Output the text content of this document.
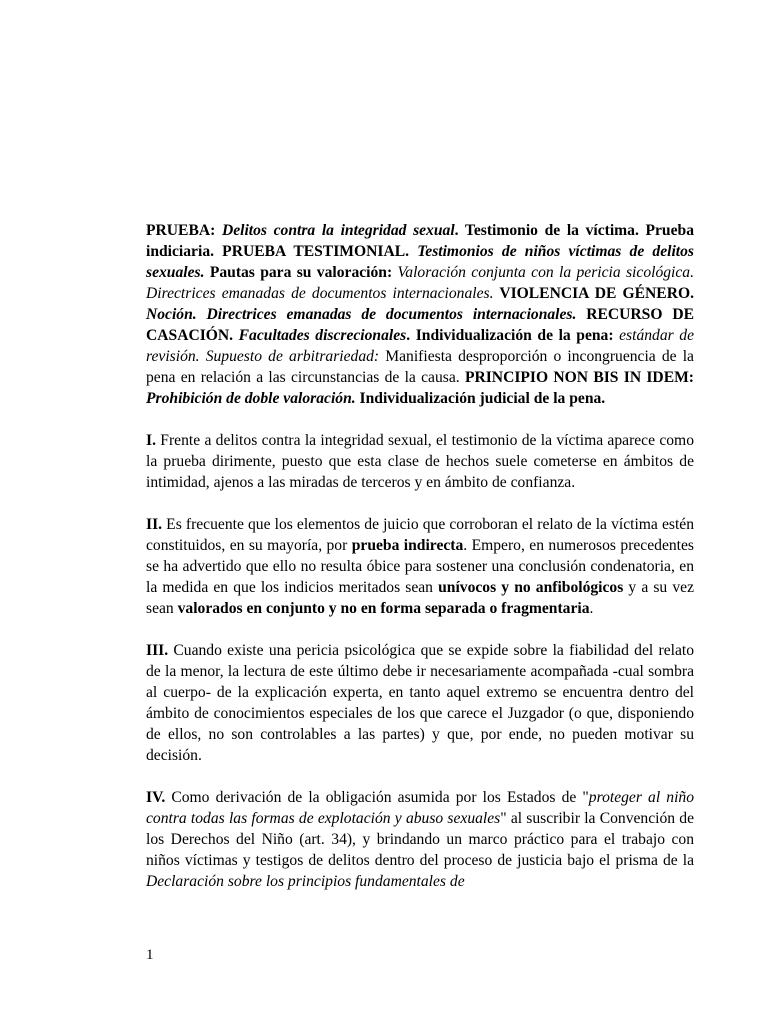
PRUEBA: Delitos contra la integridad sexual. Testimonio de la víctima. Prueba indiciaria. PRUEBA TESTIMONIAL. Testimonios de niños víctimas de delitos sexuales. Pautas para su valoración: Valoración conjunta con la pericia sicológica. Directrices emanadas de documentos internacionales. VIOLENCIA DE GÉNERO. Noción. Directrices emanadas de documentos internacionales. RECURSO DE CASACIÓN. Facultades discrecionales. Individualización de la pena: estándar de revisión. Supuesto de arbitrariedad: Manifiesta desproporción o incongruencia de la pena en relación a las circunstancias de la causa. PRINCIPIO NON BIS IN IDEM: Prohibición de doble valoración. Individualización judicial de la pena.

I. Frente a delitos contra la integridad sexual, el testimonio de la víctima aparece como la prueba dirimente, puesto que esta clase de hechos suele cometerse en ámbitos de intimidad, ajenos a las miradas de terceros y en ámbito de confianza.

II. Es frecuente que los elementos de juicio que corroboran el relato de la víctima estén constituidos, en su mayoría, por prueba indirecta. Empero, en numerosos precedentes se ha advertido que ello no resulta óbice para sostener una conclusión condenatoria, en la medida en que los indicios meritados sean unívocos y no anfibológicos y a su vez sean valorados en conjunto y no en forma separada o fragmentaria.

III. Cuando existe una pericia psicológica que se expide sobre la fiabilidad del relato de la menor, la lectura de este último debe ir necesariamente acompañada -cual sombra al cuerpo- de la explicación experta, en tanto aquel extremo se encuentra dentro del ámbito de conocimientos especiales de los que carece el Juzgador (o que, disponiendo de ellos, no son controlables a las partes) y que, por ende, no pueden motivar su decisión.

IV. Como derivación de la obligación asumida por los Estados de "proteger al niño contra todas las formas de explotación y abuso sexuales" al suscribir la Convención de los Derechos del Niño (art. 34), y brindando un marco práctico para el trabajo con niños víctimas y testigos de delitos dentro del proceso de justicia bajo el prisma de la Declaración sobre los principios fundamentales de

1
